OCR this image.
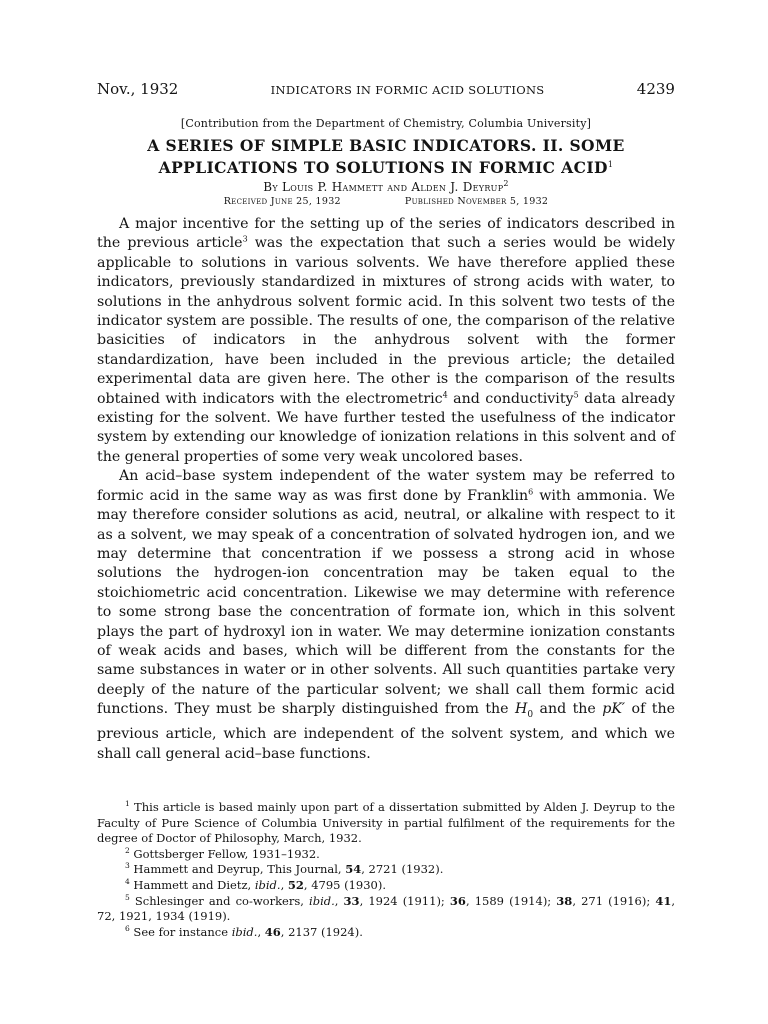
Nov., 1932	INDICATORS IN FORMIC ACID SOLUTIONS	4239
[Contribution from the Department of Chemistry, Columbia University]
A SERIES OF SIMPLE BASIC INDICATORS. II. SOME
APPLICATIONS TO SOLUTIONS IN FORMIC ACID$^1$
By Louis P. Hammett and Alden J. Deyrup$^2$
Received June 25, 1932	Published November 5, 1932

A major incentive for the setting up of the series of indicators described in the previous article$^3$ was the expectation that such a series would be widely applicable to solutions in various solvents. We have therefore applied these indicators, previously standardized in mixtures of strong acids with water, to solutions in the anhydrous solvent formic acid. In this solvent two tests of the indicator system are possible. The results of one, the comparison of the relative basicities of indicators in the anhydrous solvent with the former standardization, have been included in the previous article; the detailed experimental data are given here. The other is the comparison of the results obtained with indicators with the electrometric$^4$ and conductivity$^5$ data already existing for the solvent. We have further tested the usefulness of the indicator system by extending our knowledge of ionization relations in this solvent and of the general properties of some very weak uncolored bases.

An acid–base system independent of the water system may be referred to formic acid in the same way as was first done by Franklin$^6$ with ammonia. We may therefore consider solutions as acid, neutral, or alkaline with respect to it as a solvent, we may speak of a concentration of solvated hydrogen ion, and we may determine that concentration if we possess a strong acid in whose solutions the hydrogen-ion concentration may be taken equal to the stoichiometric acid concentration. Likewise we may determine with reference to some strong base the concentration of formate ion, which in this solvent plays the part of hydroxyl ion in water. We may determine ionization constants of weak acids and bases, which will be different from the constants for the same substances in water or in other solvents. All such quantities partake very deeply of the nature of the particular solvent; we shall call them formic acid functions. They must be sharply distinguished from the $H_0$ and the pK′ of the previous article, which are independent of the solvent system, and which we shall call general acid–base functions.

$^1$ This article is based mainly upon part of a dissertation submitted by Alden J. Deyrup to the Faculty of Pure Science of Columbia University in partial fulfilment of the requirements for the degree of Doctor of Philosophy, March, 1932.

$^2$ Gottsberger Fellow, 1931–1932.

$^3$ Hammett and Deyrup, This Journal, 54, 2721 (1932).

$^4$ Hammett and Dietz, ibid., 52, 4795 (1930).

$^5$ Schlesinger and co-workers, ibid., 33, 1924 (1911); 36, 1589 (1914); 38, 271 (1916); 41, 72, 1921, 1934 (1919).

$^6$ See for instance ibid., 46, 2137 (1924).
